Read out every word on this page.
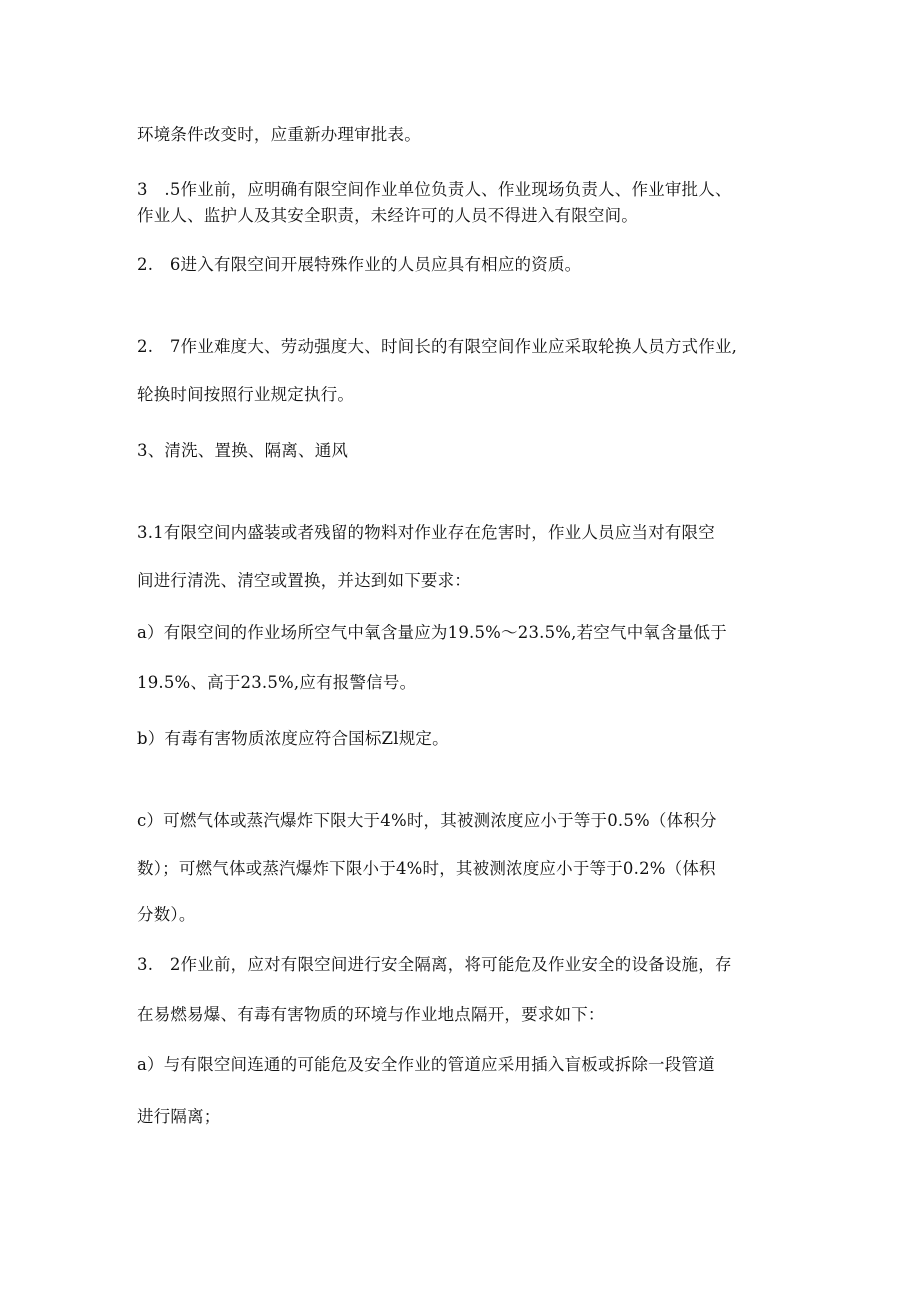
环境条件改变时，应重新办理审批表。
3　.5作业前，应明确有限空间作业单位负责人、作业现场负责人、作业审批人、
作业人、监护人及其安全职责，未经许可的人员不得进入有限空间。
2.　6进入有限空间开展特殊作业的人员应具有相应的资质。
2.　7作业难度大、劳动强度大、时间长的有限空间作业应采取轮换人员方式作业,
轮换时间按照行业规定执行。
3、清洗、置换、隔离、通风
3.1有限空间内盛装或者残留的物料对作业存在危害时，作业人员应当对有限空
间进行清洗、清空或置换，并达到如下要求：
a）有限空间的作业场所空气中氧含量应为19.5%～23.5%,若空气中氧含量低于
19.5%、高于23.5%,应有报警信号。
b）有毒有害物质浓度应符合国标Zl规定。
c）可燃气体或蒸汽爆炸下限大于4%时，其被测浓度应小于等于0.5%（体积分
数）；可燃气体或蒸汽爆炸下限小于4%时，其被测浓度应小于等于0.2%（体积
分数）。
3.　2作业前，应对有限空间进行安全隔离，将可能危及作业安全的设备设施，存
在易燃易爆、有毒有害物质的环境与作业地点隔开，要求如下：
a）与有限空间连通的可能危及安全作业的管道应采用插入盲板或拆除一段管道
进行隔离；
